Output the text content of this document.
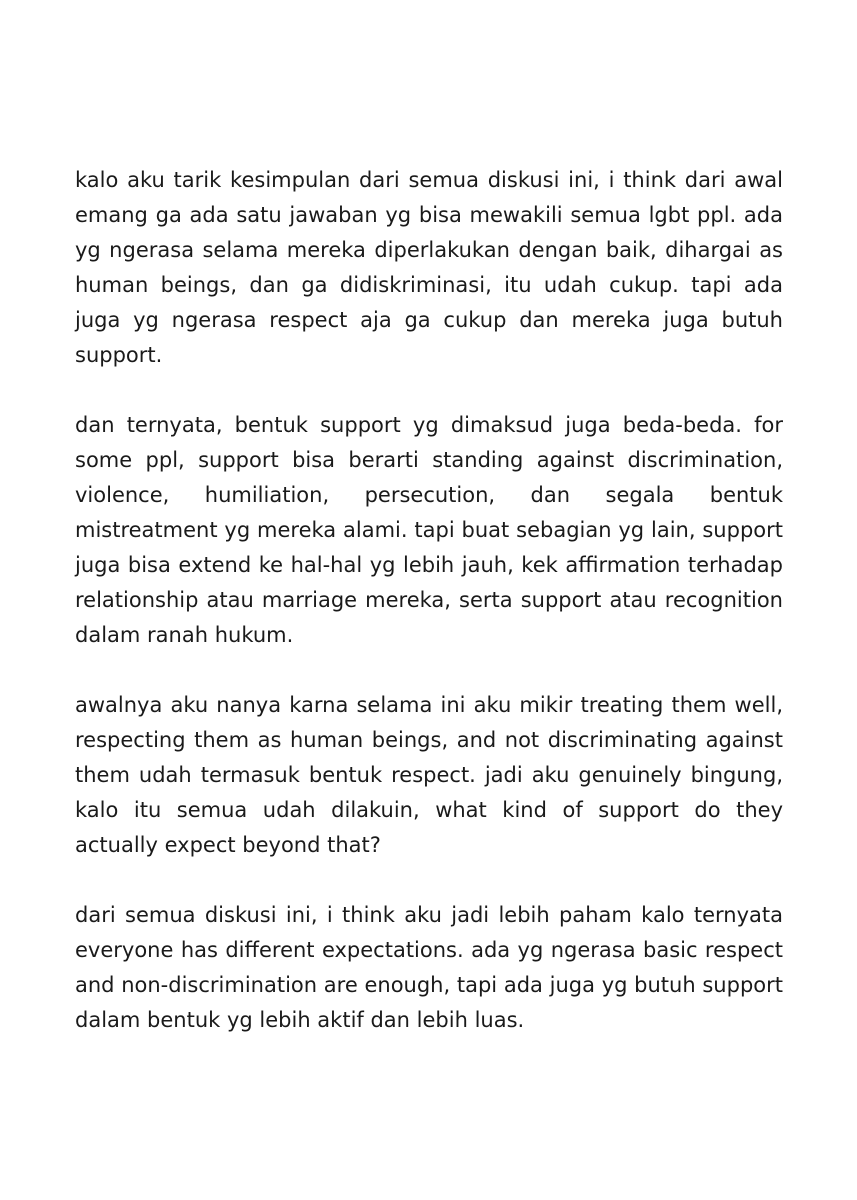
kalo aku tarik kesimpulan dari semua diskusi ini, i think dari awal emang ga ada satu jawaban yg bisa mewakili semua lgbt ppl. ada yg ngerasa selama mereka diperlakukan dengan baik, dihargai as human beings, dan ga didiskriminasi, itu udah cukup. tapi ada juga yg ngerasa respect aja ga cukup dan mereka juga butuh support.

dan ternyata, bentuk support yg dimaksud juga beda-beda. for some ppl, support bisa berarti standing against discrimination, violence, humiliation, persecution, dan segala bentuk mistreatment yg mereka alami. tapi buat sebagian yg lain, support juga bisa extend ke hal-hal yg lebih jauh, kek affirmation terhadap relationship atau marriage mereka, serta support atau recognition dalam ranah hukum.

awalnya aku nanya karna selama ini aku mikir treating them well, respecting them as human beings, and not discriminating against them udah termasuk bentuk respect. jadi aku genuinely bingung, kalo itu semua udah dilakuin, what kind of support do they actually expect beyond that?

dari semua diskusi ini, i think aku jadi lebih paham kalo ternyata everyone has different expectations. ada yg ngerasa basic respect and non-discrimination are enough, tapi ada juga yg butuh support dalam bentuk yg lebih aktif dan lebih luas.
